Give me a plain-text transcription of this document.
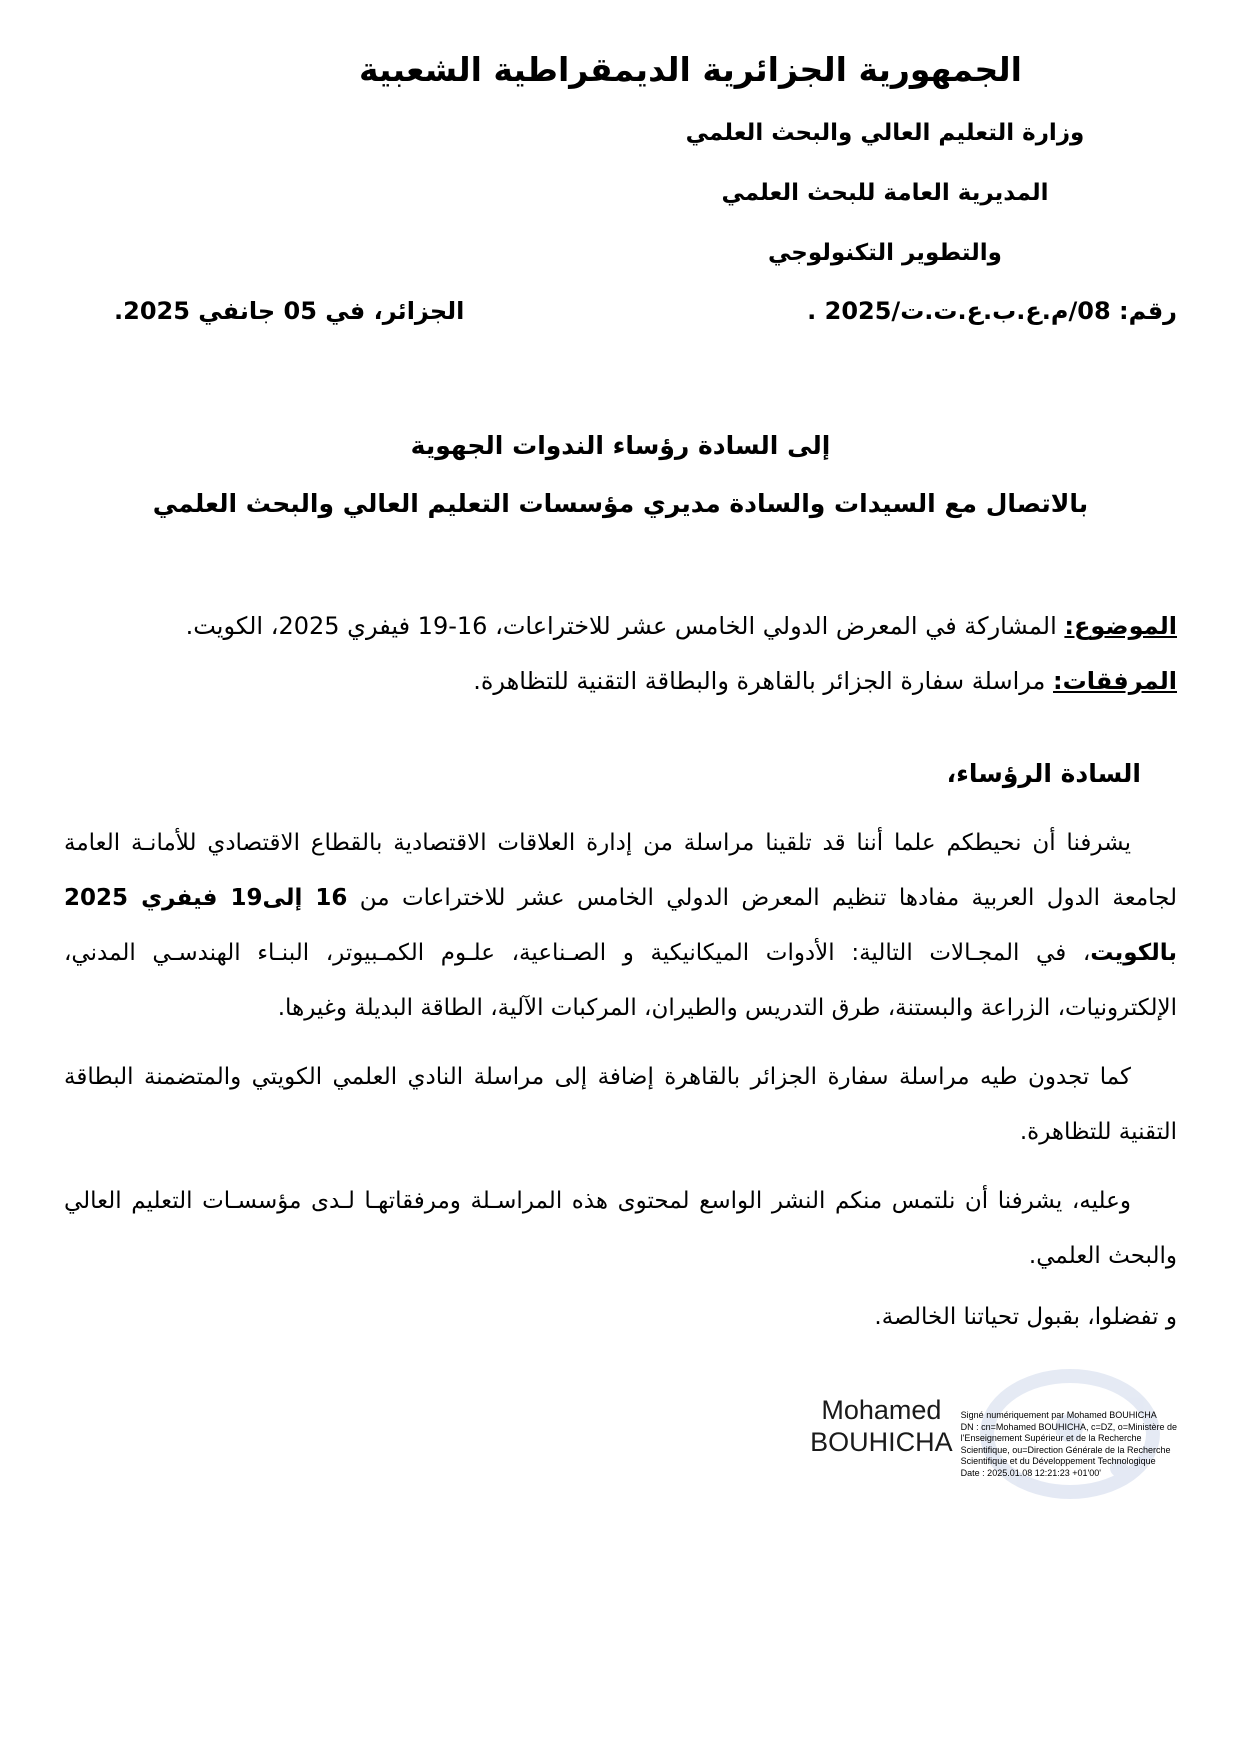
الجمهورية الجزائرية الديمقراطية الشعبية
وزارة التعليم العالي والبحث العلمي
المديرية العامة للبحث العلمي
والتطوير التكنولوجي
رقم: 08/م.ع.ب.ع.ت.ت/2025 .
الجزائر، في 05 جانفي 2025.
إلى السادة رؤساء الندوات الجهوية
بالاتصال مع السيدات والسادة مديري مؤسسات التعليم العالي والبحث العلمي
الموضوع: المشاركة في المعرض الدولي الخامس عشر للاختراعات، 16-19 فيفري 2025، الكويت.
المرفقات: مراسلة سفارة الجزائر بالقاهرة والبطاقة التقنية للتظاهرة.
السادة الرؤساء،

يشرفنا أن نحيطكم علما أننا قد تلقينا مراسلة من إدارة العلاقات الاقتصادية بالقطاع الاقتصادي للأمانـة العامة لجامعة الدول العربية مفادها تنظيم المعرض الدولي الخامس عشر للاختراعات من 16 إلى19 فيفري 2025 بالكويت، في المجـالات التالية: الأدوات الميكانيكية و الصـناعية، علـوم الكمـبيوتر، البنـاء الهندسـي المدني، الإلكترونيات، الزراعة والبستنة، طرق التدريس والطيران، المركبات الآلية، الطاقة البديلة وغيرها.

كما تجدون طيه مراسلة سفارة الجزائر بالقاهرة إضافة إلى مراسلة النادي العلمي الكويتي والمتضمنة البطاقة التقنية للتظاهرة.

وعليه، يشرفنا أن نلتمس منكم النشر الواسع لمحتوى هذه المراسـلة ومرفقاتهـا لـدى مؤسسـات التعليم العالي والبحث العلمي.

و تفضلوا، بقبول تحياتنا الخالصة.
Mohamed
BOUHICHA
Signé numériquement par Mohamed BOUHICHA
DN : cn=Mohamed BOUHICHA, c=DZ, o=Ministère de
l'Enseignement Supérieur et de la Recherche
Scientifique, ou=Direction Générale de la Recherche
Scientifique et du Développement Technologique
Date : 2025.01.08 12:21:23 +01'00'
